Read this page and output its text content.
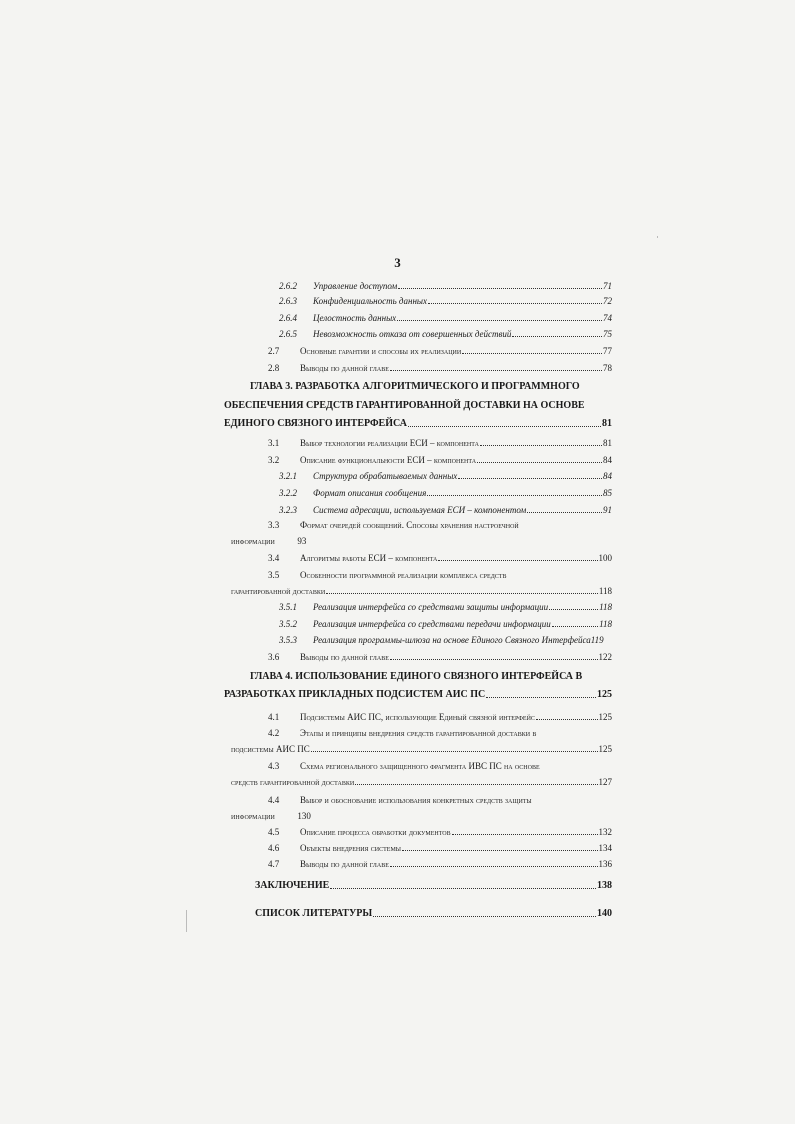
3
2.6.2	Управление доступом	71
2.6.3	Конфиденциальность данных	72
2.6.4	Целостность данных	74
2.6.5	Невозможность отказа от совершенных действий	75
2.7	Основные гарантии и способы их реализации	77
2.8	Выводы по данной главе	78
ГЛАВА 3. РАЗРАБОТКА АЛГОРИТМИЧЕСКОГО И ПРОГРАММНОГО
ОБЕСПЕЧЕНИЯ СРЕДСТВ ГАРАНТИРОВАННОЙ ДОСТАВКИ НА ОСНОВЕ
ЕДИНОГО СВЯЗНОГО ИНТЕРФЕЙСА	81
3.1	Выбор технологии реализации ЕСИ – компонента	81
3.2	Описание функциональности ЕСИ – компонента	84
3.2.1	Структура обрабатываемых данных	84
3.2.2	Формат описания сообщения	85
3.2.3	Система адресации, используемая ЕСИ – компонентом	91
3.3	Формат очередей сообщений. Способы хранения настроечной
информации	93
3.4	Алгоритмы работы ЕСИ – компонента	100
3.5	Особенности программной реализации комплекса средств
гарантированной доставки	118
3.5.1	Реализация интерфейса со средствами защиты информации	118
3.5.2	Реализация интерфейса со средствами передачи информации	118
3.5.3	Реализация программы-шлюза на основе Единого Связного Интерфейса 119
3.6	Выводы по данной главе	122
ГЛАВА 4. ИСПОЛЬЗОВАНИЕ ЕДИНОГО СВЯЗНОГО ИНТЕРФЕЙСА В
РАЗРАБОТКАХ ПРИКЛАДНЫХ ПОДСИСТЕМ АИС ПС	125
4.1	Подсистемы АИС ПС, использующие Единый связной интерфейс	125
4.2	Этапы и принципы внедрения средств гарантированной доставки в
подсистемы АИС ПС	125
4.3	Схема регионального защищенного фрагмента ИВС ПС на основе
средств гарантированной доставки	127
4.4	Выбор и обоснование использования конкретных средств защиты
информации	130
4.5	Описание процесса обработки документов	132
4.6	Объекты внедрения системы	134
4.7	Выводы по данной главе	136
ЗАКЛЮЧЕНИЕ	138
СПИСОК ЛИТЕРАТУРЫ	140
